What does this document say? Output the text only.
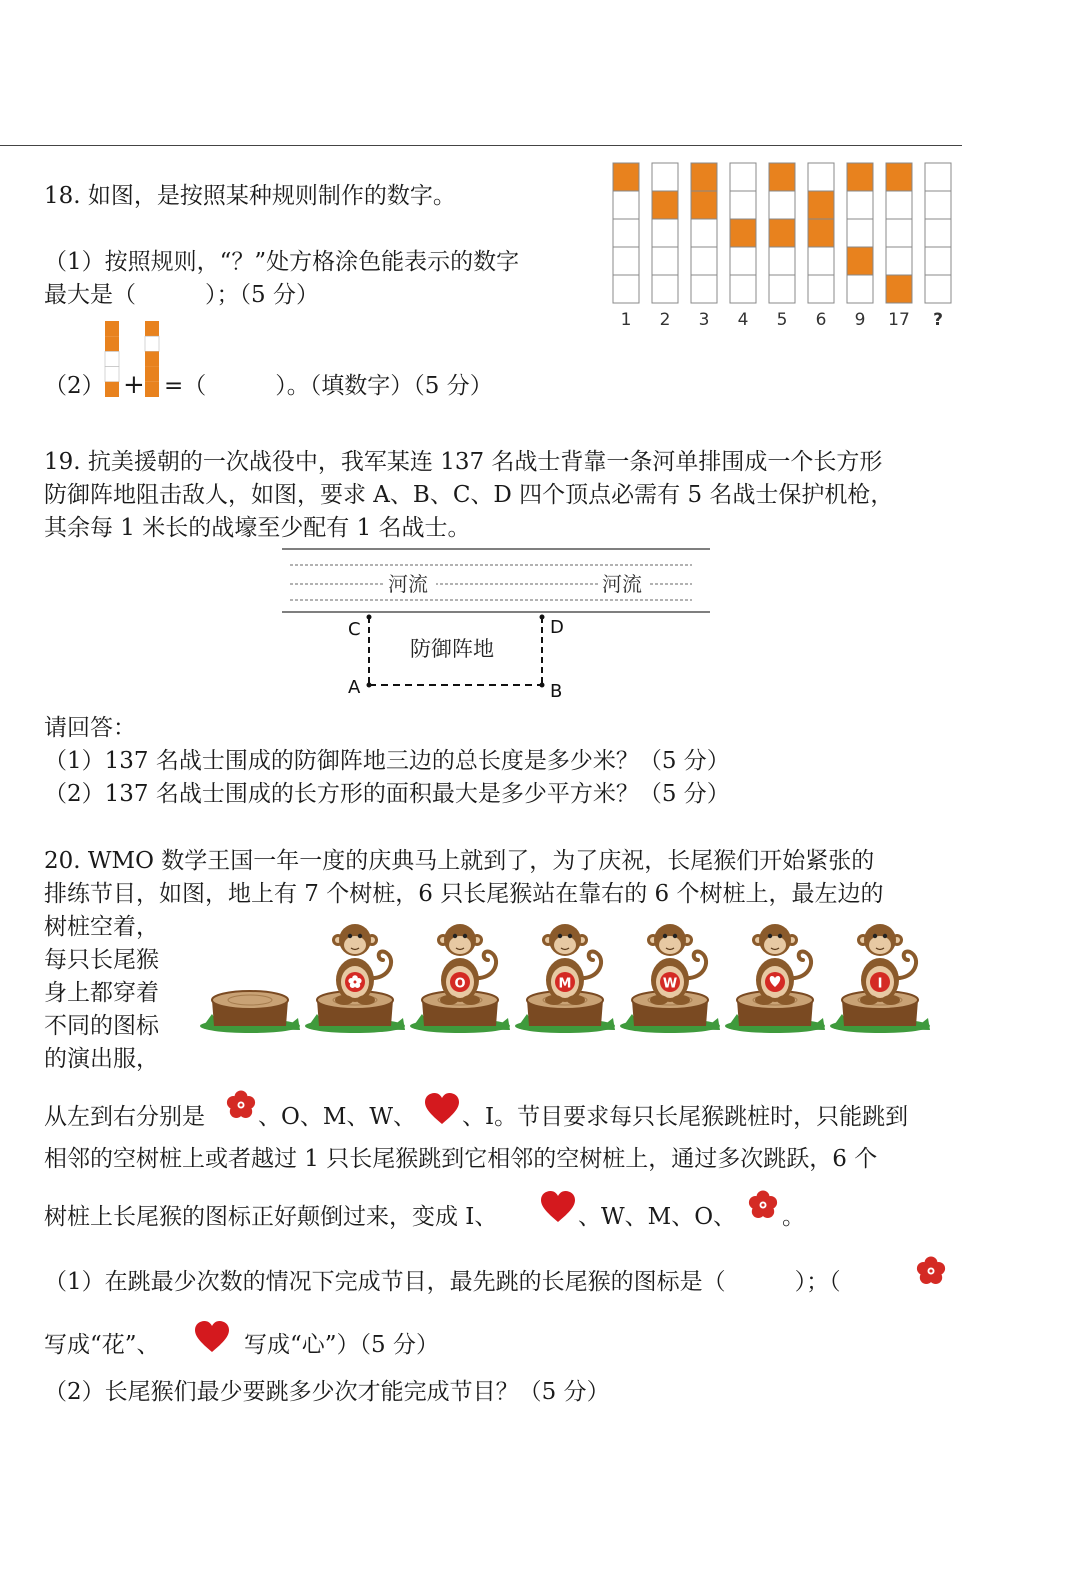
18. 如图，是按照某种规则制作的数字。
（1）按照规则，“？”处方格涂色能表示的数字
最大是（　　　）；（5 分）
（2） + =（　　　）。（填数字）（5 分）
1 2 3 4 5 6 9 17 ?
19. 抗美援朝的一次战役中，我军某连 137 名战士背靠一条河单排围成一个长方形
防御阵地阻击敌人，如图，要求 A、B、C、D 四个顶点必需有 5 名战士保护机枪，
其余每 1 米长的战壕至少配有 1 名战士。
河流	河流
C	D
A	B
防御阵地
请回答：
（1）137 名战士围成的防御阵地三边的总长度是多少米？（5 分）
（2）137 名战士围成的长方形的面积最大是多少平方米？（5 分）
20. WMO 数学王国一年一度的庆典马上就到了，为了庆祝，长尾猴们开始紧张的
排练节目，如图，地上有 7 个树桩，6 只长尾猴站在靠右的 6 个树桩上，最左边的
树桩空着，
每只长尾猴
身上都穿着
不同的图标
的演出服，
O	M	W	I
从左到右分别是 、O、M、W、 、I。节目要求每只长尾猴跳桩时，只能跳到
相邻的空树桩上或者越过 1 只长尾猴跳到它相邻的空树桩上，通过多次跳跃，6 个
树桩上长尾猴的图标正好颠倒过来，变成 I、	、W、M、O、 。
（1）在跳最少次数的情况下完成节目，最先跳的长尾猴的图标是（　　　）；（
写成“花”、	写成“心”）（5 分）
（2）长尾猴们最少要跳多少次才能完成节目？（5 分）
